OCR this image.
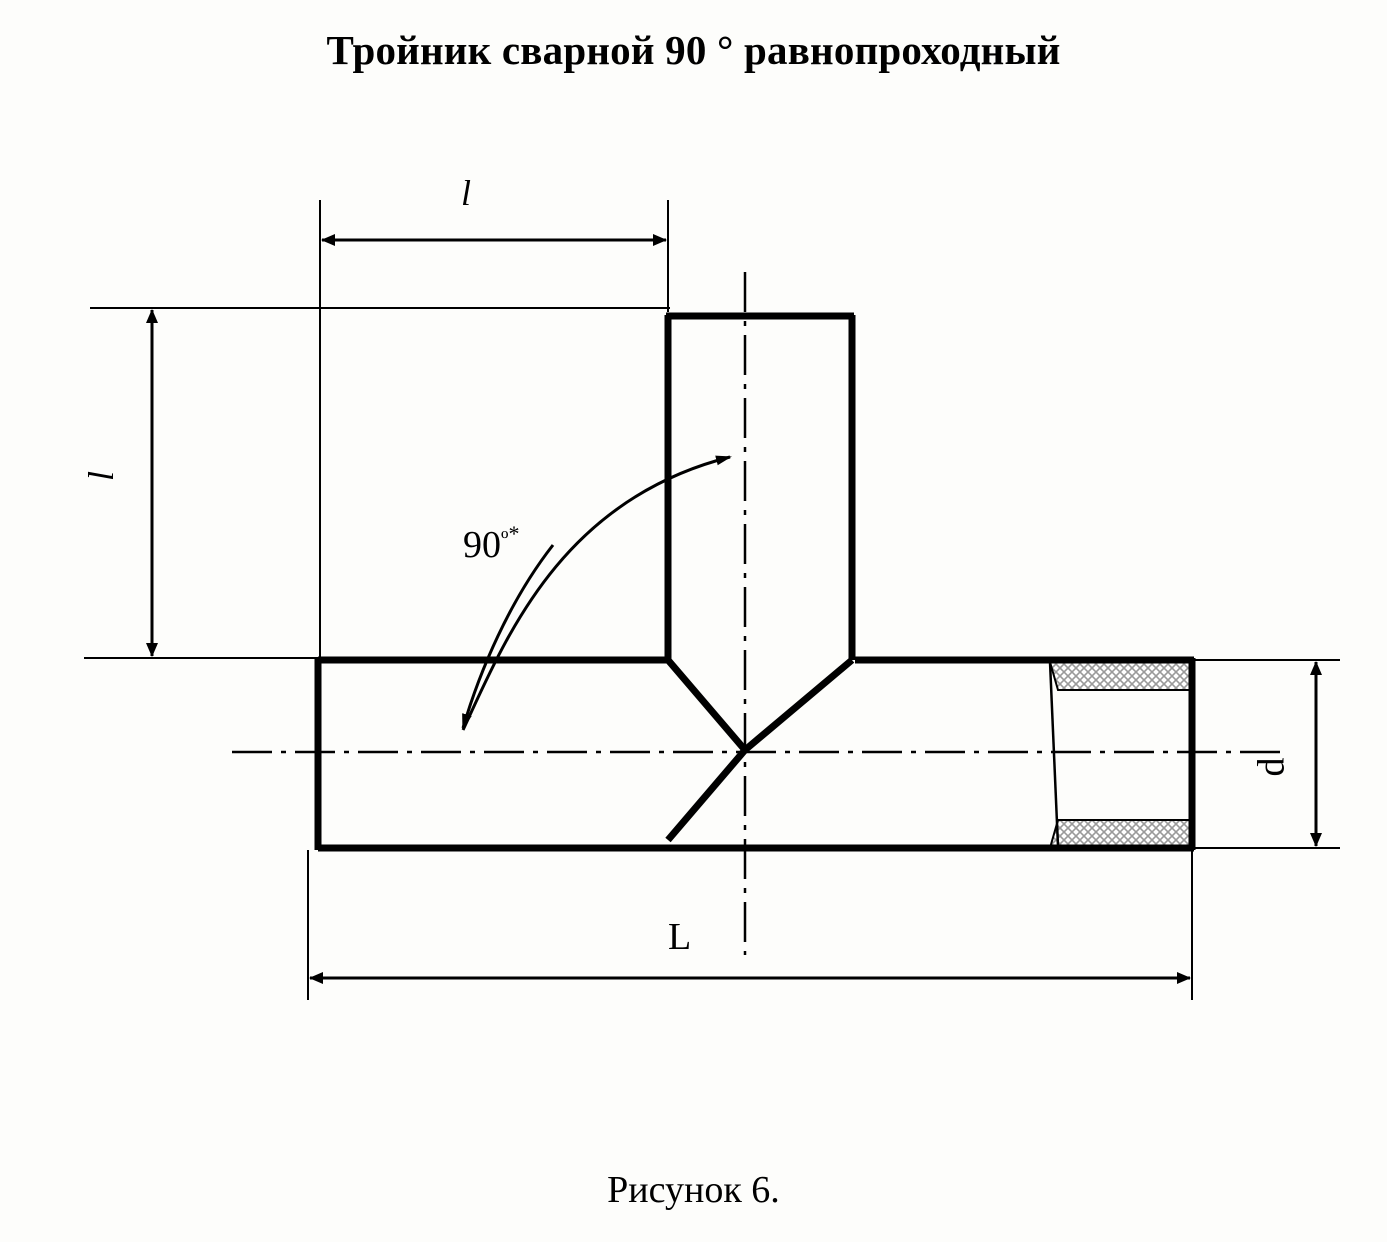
Тройник сварной 90 ° равнопроходный
l
l
L
d
$90^{º*}$
Рисунок 6.
